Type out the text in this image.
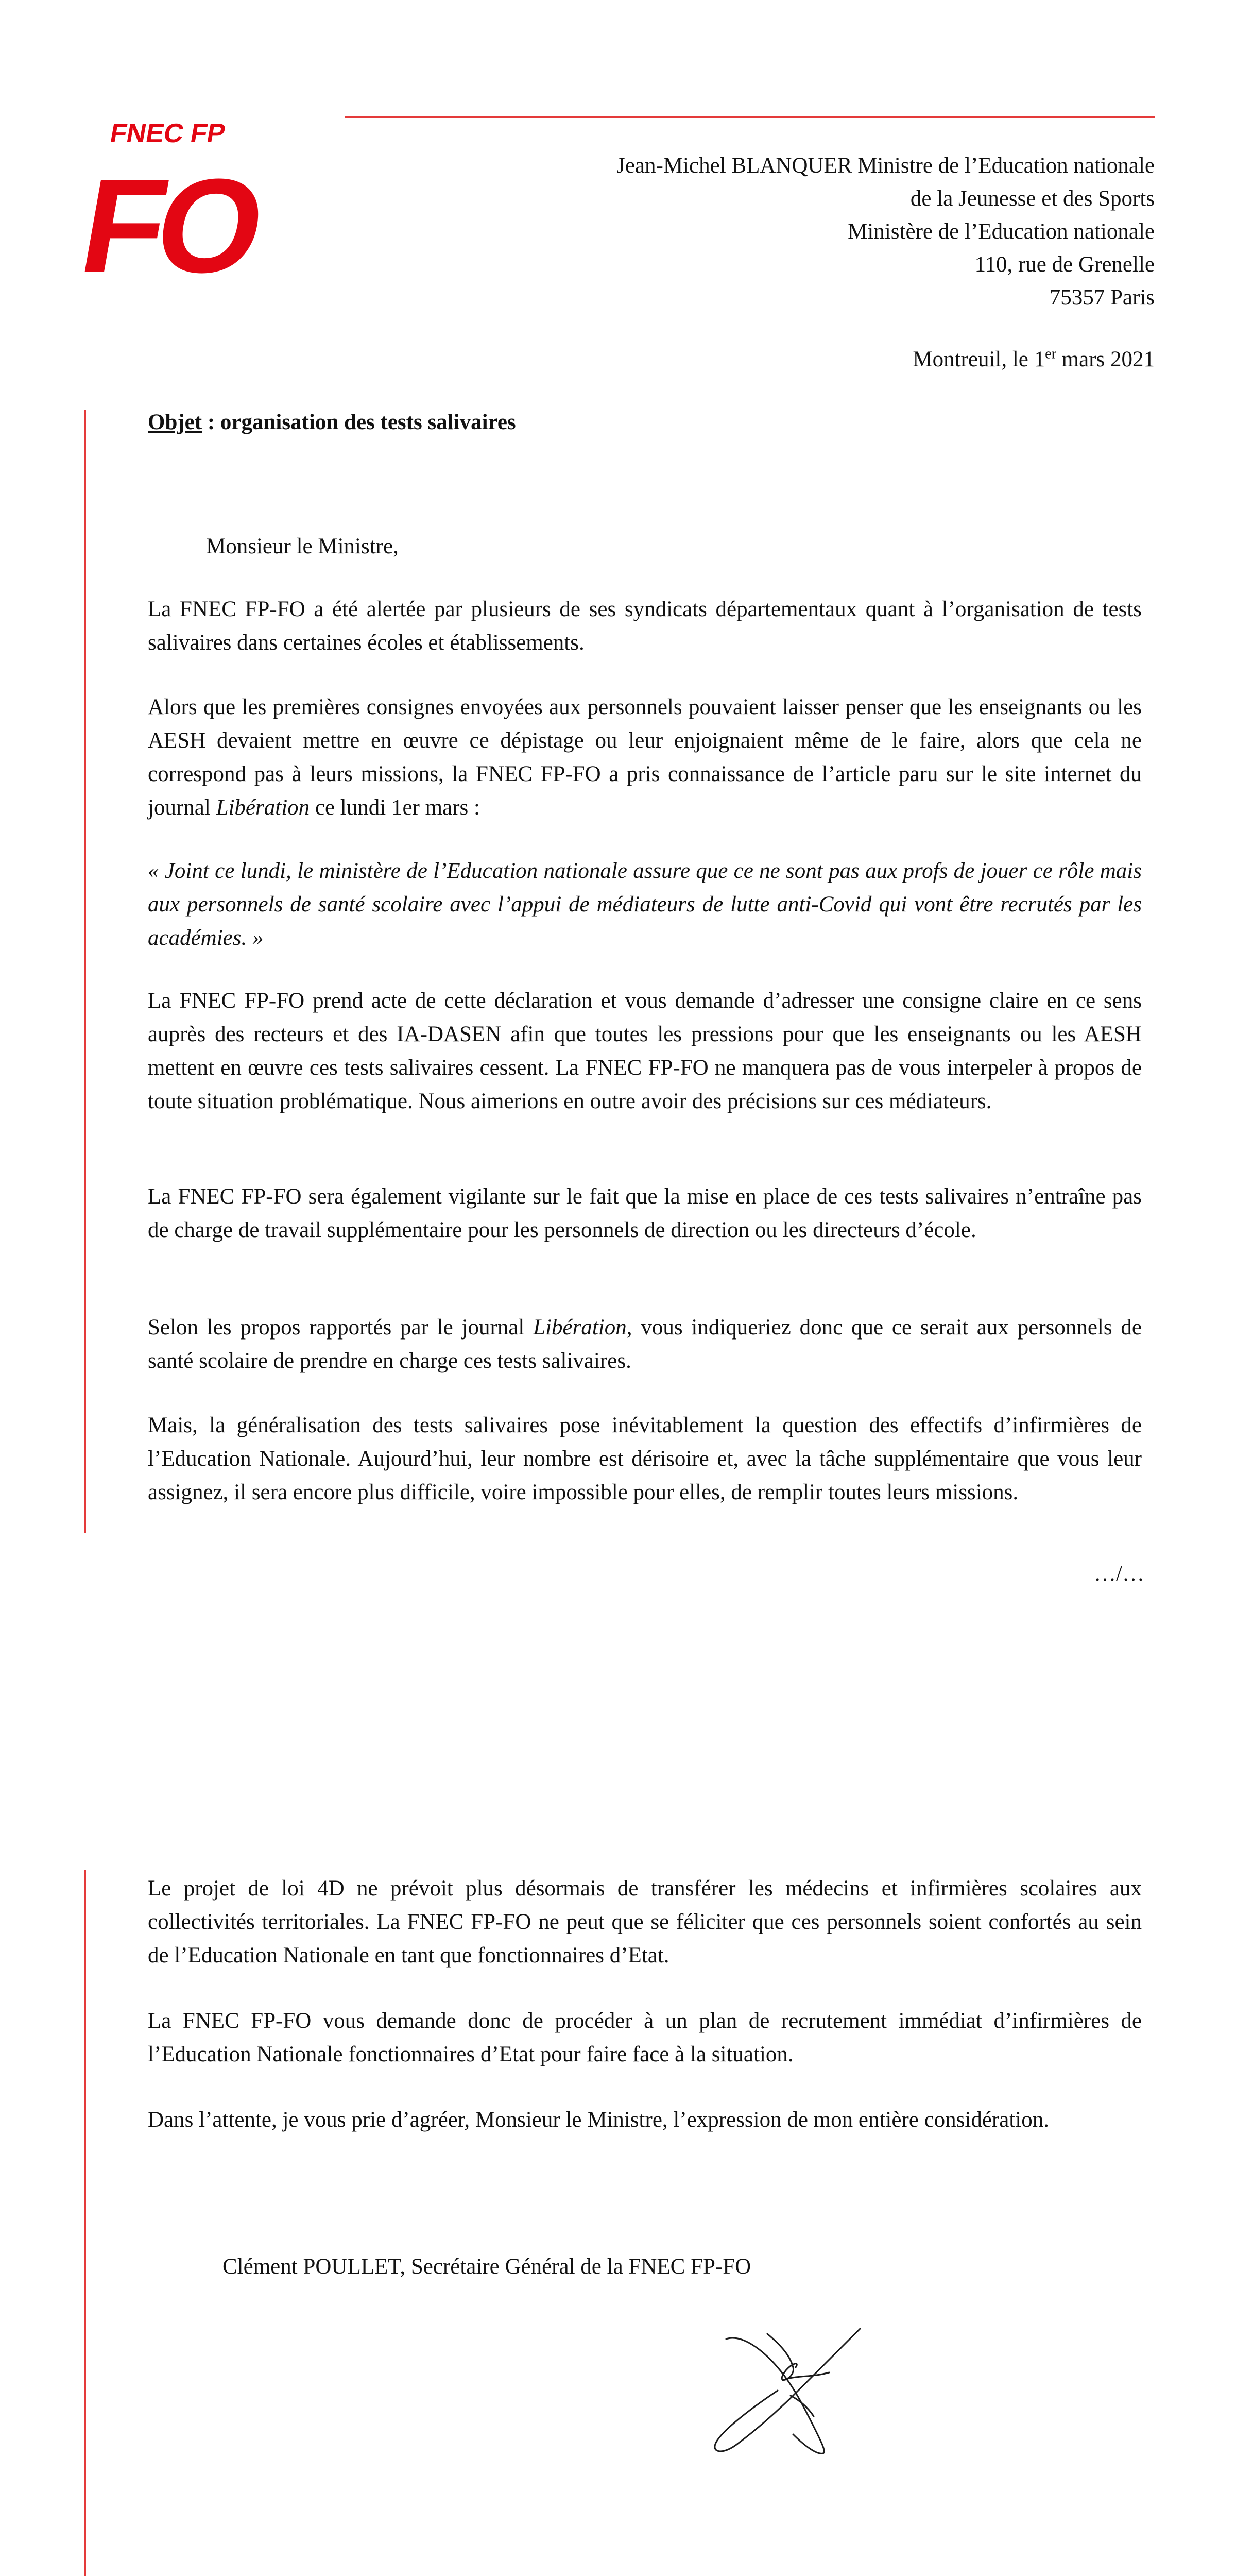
FNEC FP
FO	Jean-Michel BLANQUER Ministre de l’Education nationale
de la Jeunesse et des Sports
Ministère de l’Education nationale
110, rue de Grenelle
75357 Paris
Montreuil, le 1er mars 2021
Objet : organisation des tests salivaires
Monsieur le Ministre,

La FNEC FP-FO a été alertée par plusieurs de ses syndicats départementaux quant à l’organisation de tests salivaires dans certaines écoles et établissements.

Alors que les premières consignes envoyées aux personnels pouvaient laisser penser que les enseignants ou les AESH devaient mettre en œuvre ce dépistage ou leur enjoignaient même de le faire, alors que cela ne correspond pas à leurs missions, la FNEC FP-FO a pris connaissance de l’article paru sur le site internet du journal Libération ce lundi 1er mars :

« Joint ce lundi, le ministère de l’Education nationale assure que ce ne sont pas aux profs de jouer ce rôle mais aux personnels de santé scolaire avec l’appui de médiateurs de lutte anti-Covid qui vont être recrutés par les académies. »

La FNEC FP-FO prend acte de cette déclaration et vous demande d’adresser une consigne claire en ce sens auprès des recteurs et des IA-DASEN afin que toutes les pressions pour que les enseignants ou les AESH mettent en œuvre ces tests salivaires cessent. La FNEC FP-FO ne manquera pas de vous interpeler à propos de toute situation problématique. Nous aimerions en outre avoir des précisions sur ces médiateurs.

La FNEC FP-FO sera également vigilante sur le fait que la mise en place de ces tests salivaires n’entraîne pas de charge de travail supplémentaire pour les personnels de direction ou les directeurs d’école.

Selon les propos rapportés par le journal Libération, vous indiqueriez donc que ce serait aux personnels de santé scolaire de prendre en charge ces tests salivaires.

Mais, la généralisation des tests salivaires pose inévitablement la question des effectifs d’infirmières de l’Education Nationale. Aujourd’hui, leur nombre est dérisoire et, avec la tâche supplémentaire que vous leur assignez, il sera encore plus difficile, voire impossible pour elles, de remplir toutes leurs missions.

…/…

Le projet de loi 4D ne prévoit plus désormais de transférer les médecins et infirmières scolaires aux collectivités territoriales. La FNEC FP-FO ne peut que se féliciter que ces personnels soient confortés au sein de l’Education Nationale en tant que fonctionnaires d’Etat.

La FNEC FP-FO vous demande donc de procéder à un plan de recrutement immédiat d’infirmières de l’Education Nationale fonctionnaires d’Etat pour faire face à la situation.

Dans l’attente, je vous prie d’agréer, Monsieur le Ministre, l’expression de mon entière considération.

Clément POULLET, Secrétaire Général de la FNEC FP-FO
